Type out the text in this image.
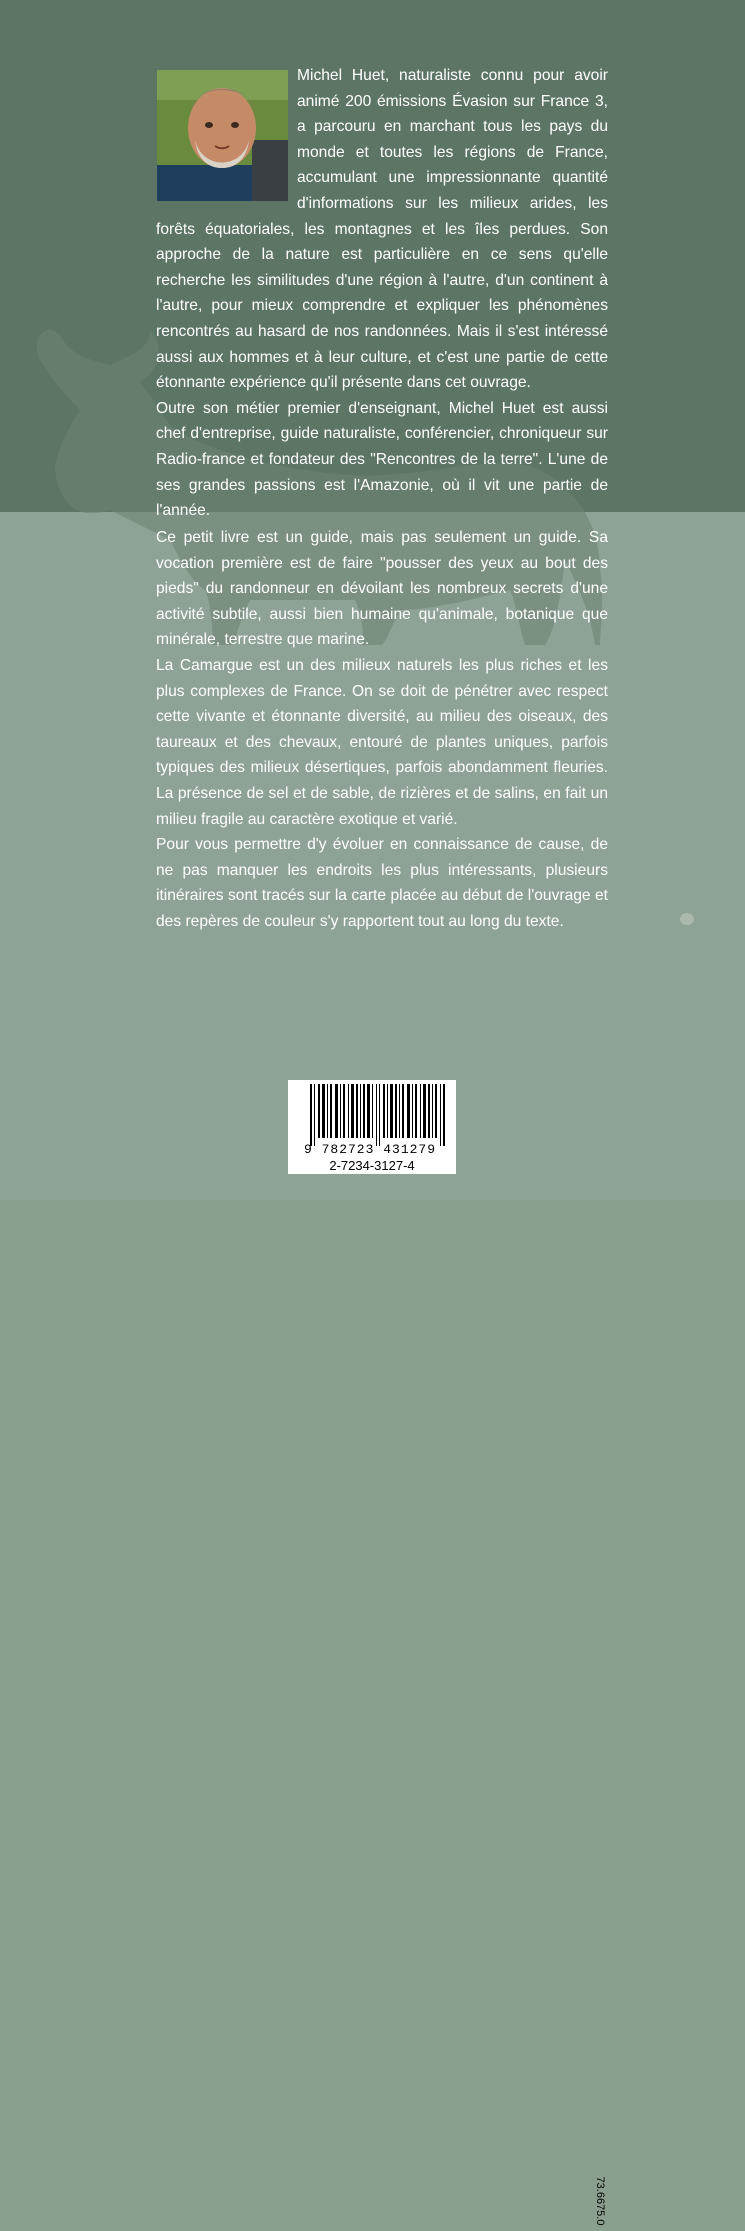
Michel Huet, naturaliste connu pour avoir animé 200 émissions Évasion sur France 3, a parcouru en marchant tous les pays du monde et toutes les régions de France, accumulant une impressionnante quantité d'informations sur les milieux arides, les forêts équatoriales, les montagnes et les îles perdues. Son approche de la nature est particulière en ce sens qu'elle recherche les similitudes d'une région à l'autre, d'un continent à l'autre, pour mieux comprendre et expliquer les phénomènes rencontrés au hasard de nos randonnées. Mais il s'est intéressé aussi aux hommes et à leur culture, et c'est une partie de cette étonnante expérience qu'il présente dans cet ouvrage.

Outre son métier premier d'enseignant, Michel Huet est aussi chef d'entreprise, guide naturaliste, conférencier, chroniqueur sur Radio-france et fondateur des "Rencontres de la terre". L'une de ses grandes passions est l'Amazonie, où il vit une partie de l'année.

Ce petit livre est un guide, mais pas seulement un guide. Sa vocation première est de faire "pousser des yeux au bout des pieds" du randonneur en dévoilant les nombreux secrets d'une activité subtile, aussi bien humaine qu'animale, botanique que minérale, terrestre que marine.

La Camargue est un des milieux naturels les plus riches et les plus complexes de France. On se doit de pénétrer avec respect cette vivante et étonnante diversité, au milieu des oiseaux, des taureaux et des chevaux, entouré de plantes uniques, parfois typiques des milieux désertiques, parfois abondamment fleuries. La présence de sel et de sable, de rizières et de salins, en fait un milieu fragile au caractère exotique et varié.

Pour vous permettre d'y évoluer en connaissance de cause, de ne pas manquer les endroits les plus intéressants, plusieurs itinéraires sont tracés sur la carte placée au début de l'ouvrage et des repères de couleur s'y rapportent tout au long du texte.

73.6675.0
9 782723 431279
2-7234-3127-4
